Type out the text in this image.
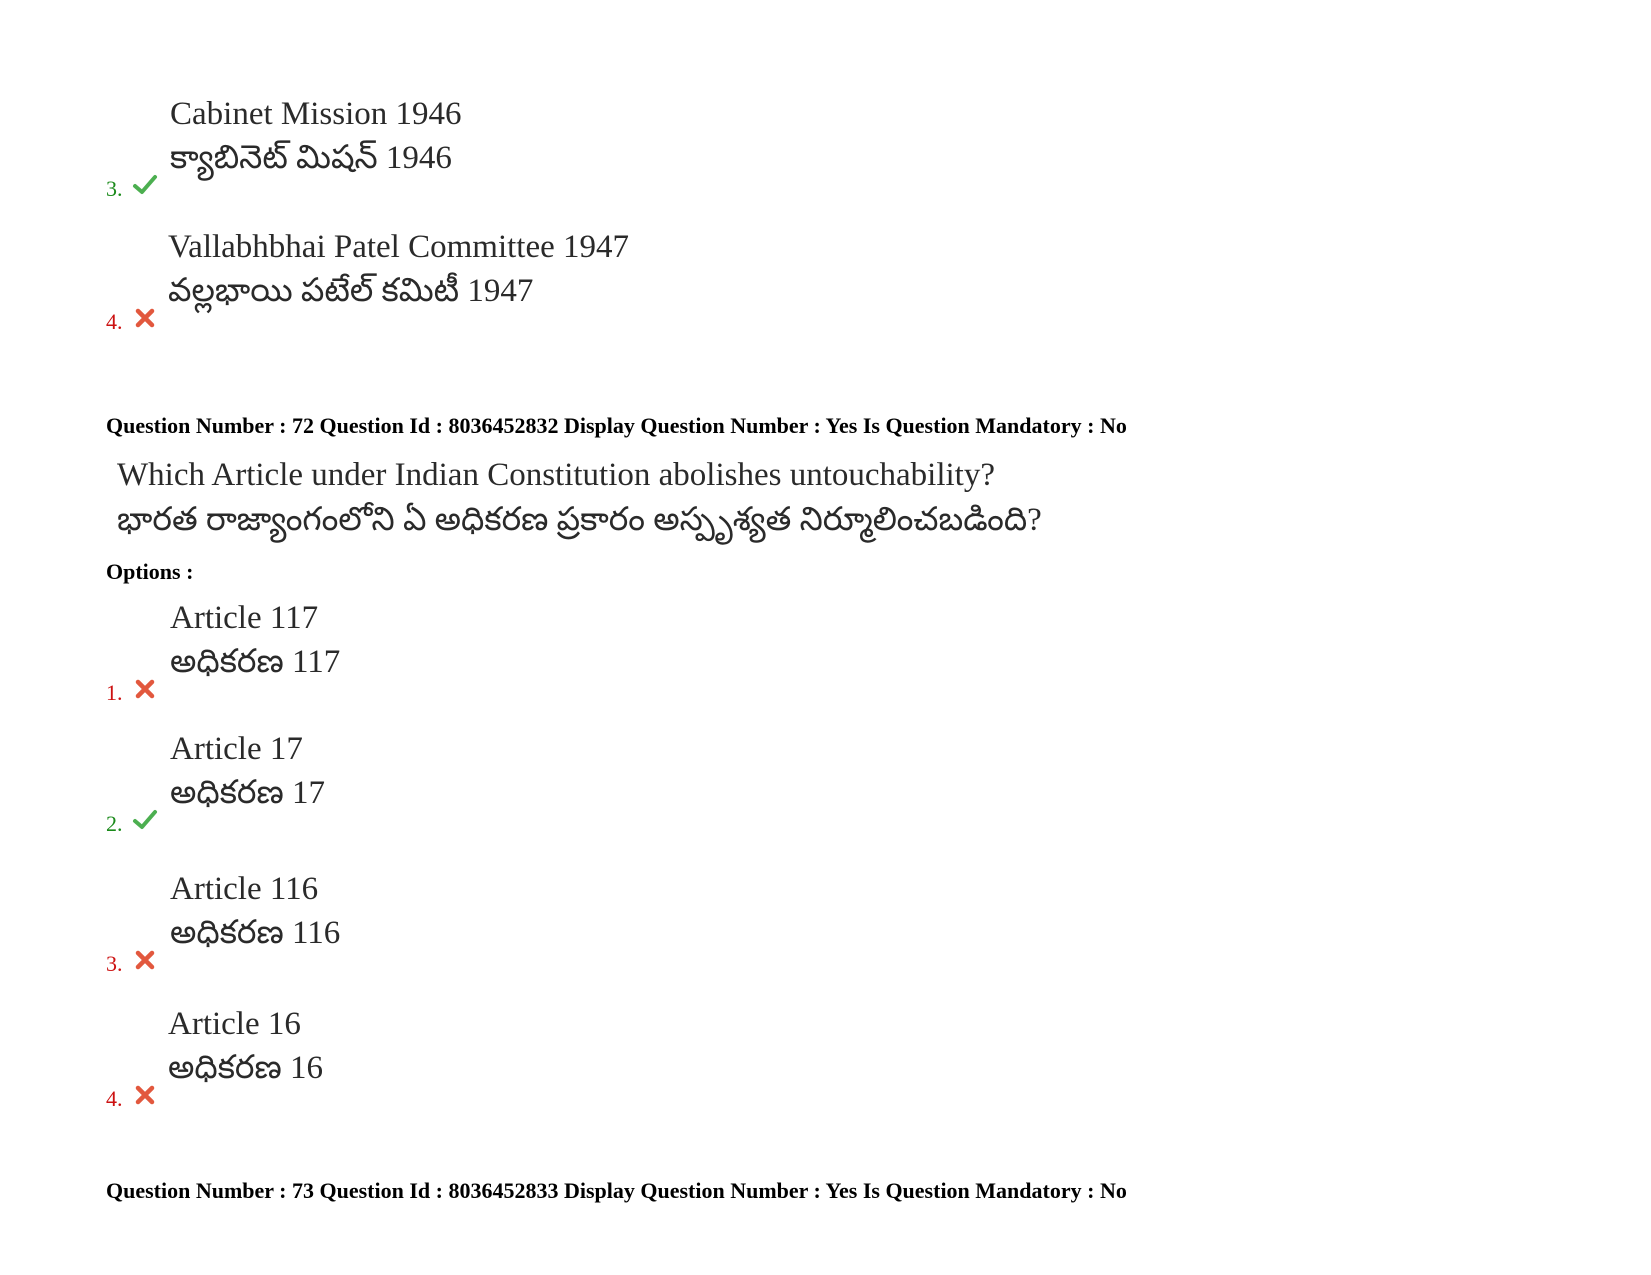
3.
Cabinet Mission 1946
క్యాబినెట్ మిషన్ 1946
4.
Vallabhbhai Patel Committee 1947
వల్లభాయి పటేల్ కమిటీ 1947
Question Number : 72 Question Id : 8036452832 Display Question Number : Yes Is Question Mandatory : No
Which Article under Indian Constitution abolishes untouchability?
భారత రాజ్యాంగంలోని ఏ అధికరణ ప్రకారం అస్పృశ్యత నిర్మూలించబడింది?
Options :
1.
Article 117
అధికరణ 117
2.
Article 17
అధికరణ 17
3.
Article 116
అధికరణ 116
4.
Article 16
అధికరణ 16
Question Number : 73 Question Id : 8036452833 Display Question Number : Yes Is Question Mandatory : No
